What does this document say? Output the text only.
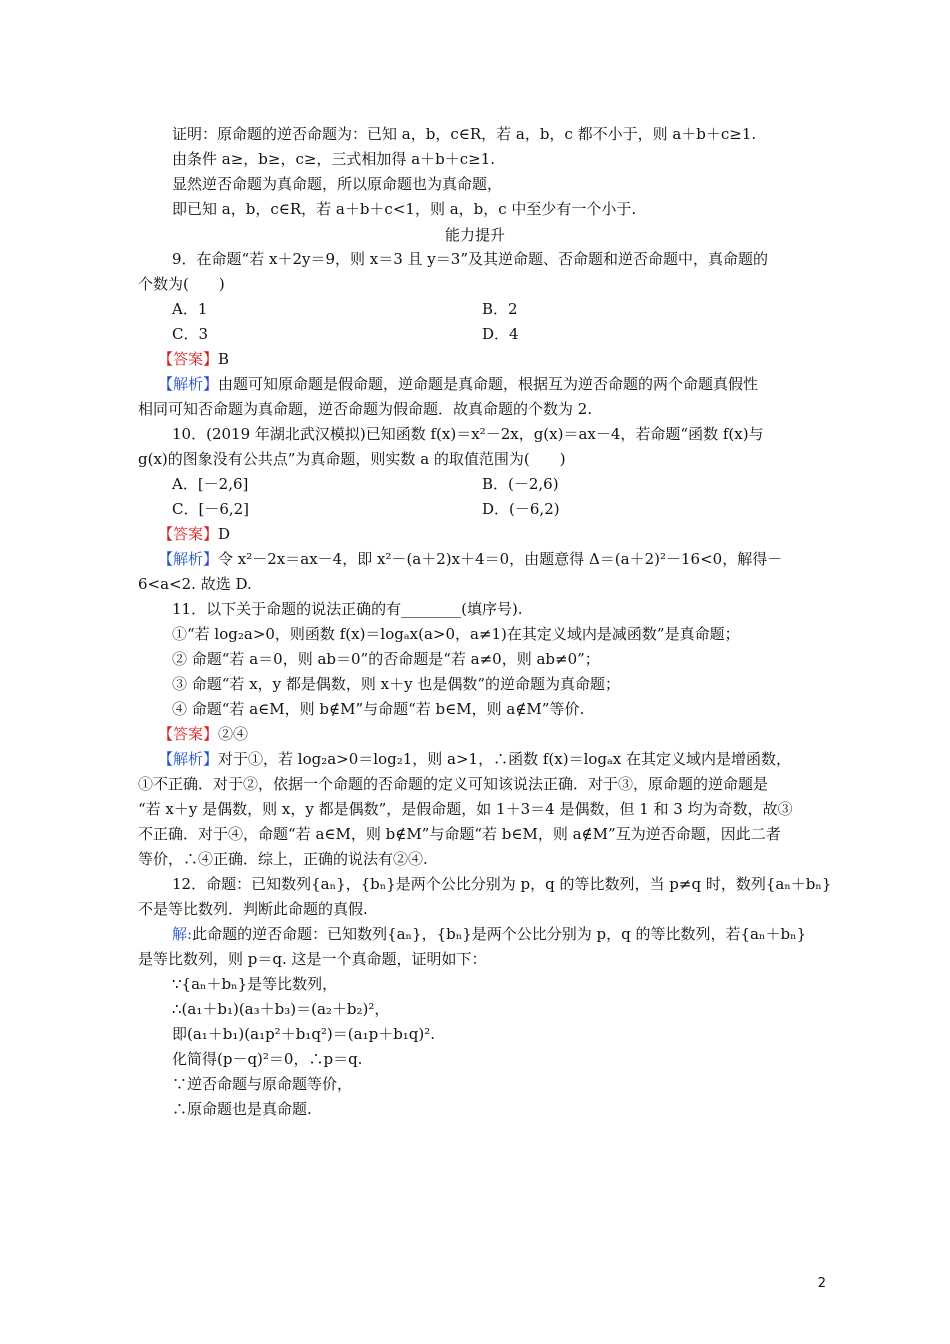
证明：原命题的逆否命题为：已知 a，b，c∈R，若 a，b，c 都不小于，则 a＋b＋c≥1.
由条件 a≥，b≥，c≥，三式相加得 a＋b＋c≥1.
显然逆否命题为真命题，所以原命题也为真命题，
即已知 a，b，c∈R，若 a＋b＋c<1，则 a，b，c 中至少有一个小于.
能力提升
9．在命题“若 x＋2y＝9，则 x＝3 且 y＝3”及其逆命题、否命题和逆否命题中，真命题的
个数为(　　)
A．1	B．2
C．3	D．4
【答案】B
【解析】由题可知原命题是假命题，逆命题是真命题，根据互为逆否命题的两个命题真假性
相同可知否命题为真命题，逆否命题为假命题．故真命题的个数为 2.
10．(2019 年湖北武汉模拟)已知函数 f(x)＝x²－2x，g(x)＝ax－4，若命题“函数 f(x)与
g(x)的图象没有公共点”为真命题，则实数 a 的取值范围为(　　)
A．[－2,6]	B．(－2,6)
C．[－6,2]	D．(－6,2)
【答案】D
【解析】令 x²－2x＝ax－4，即 x²－(a＋2)x＋4＝0，由题意得 Δ＝(a＋2)²－16<0，解得－
6<a<2. 故选 D.
11．以下关于命题的说法正确的有________(填序号).
①“若 log₂a>0，则函数 f(x)＝logₐx(a>0，a≠1)在其定义域内是减函数”是真命题；
② 命题“若 a＝0，则 ab＝0”的否命题是“若 a≠0，则 ab≠0”；
③ 命题“若 x，y 都是偶数，则 x＋y 也是偶数”的逆命题为真命题；
④ 命题“若 a∈M，则 b∉M”与命题“若 b∈M，则 a∉M”等价.
【答案】②④
【解析】对于①，若 log₂a>0＝log₂1，则 a>1，∴函数 f(x)＝logₐx 在其定义域内是增函数，
①不正确．对于②，依据一个命题的否命题的定义可知该说法正确．对于③，原命题的逆命题是
“若 x＋y 是偶数，则 x，y 都是偶数”，是假命题，如 1＋3＝4 是偶数，但 1 和 3 均为奇数，故③
不正确．对于④，命题“若 a∈M，则 b∉M”与命题“若 b∈M，则 a∉M”互为逆否命题，因此二者
等价，∴④正确．综上，正确的说法有②④.
12．命题：已知数列{aₙ}，{bₙ}是两个公比分别为 p，q 的等比数列，当 p≠q 时，数列{aₙ＋bₙ}
不是等比数列．判断此命题的真假.
解:此命题的逆否命题：已知数列{aₙ}，{bₙ}是两个公比分别为 p，q 的等比数列，若{aₙ＋bₙ}
是等比数列，则 p＝q. 这是一个真命题，证明如下：
∵{aₙ＋bₙ}是等比数列，
∴(a₁＋b₁)(a₃＋b₃)＝(a₂＋b₂)²，
即(a₁＋b₁)(a₁p²＋b₁q²)＝(a₁p＋b₁q)².
化简得(p－q)²＝0，∴p＝q.
∵逆否命题与原命题等价，
∴原命题也是真命题.
2
